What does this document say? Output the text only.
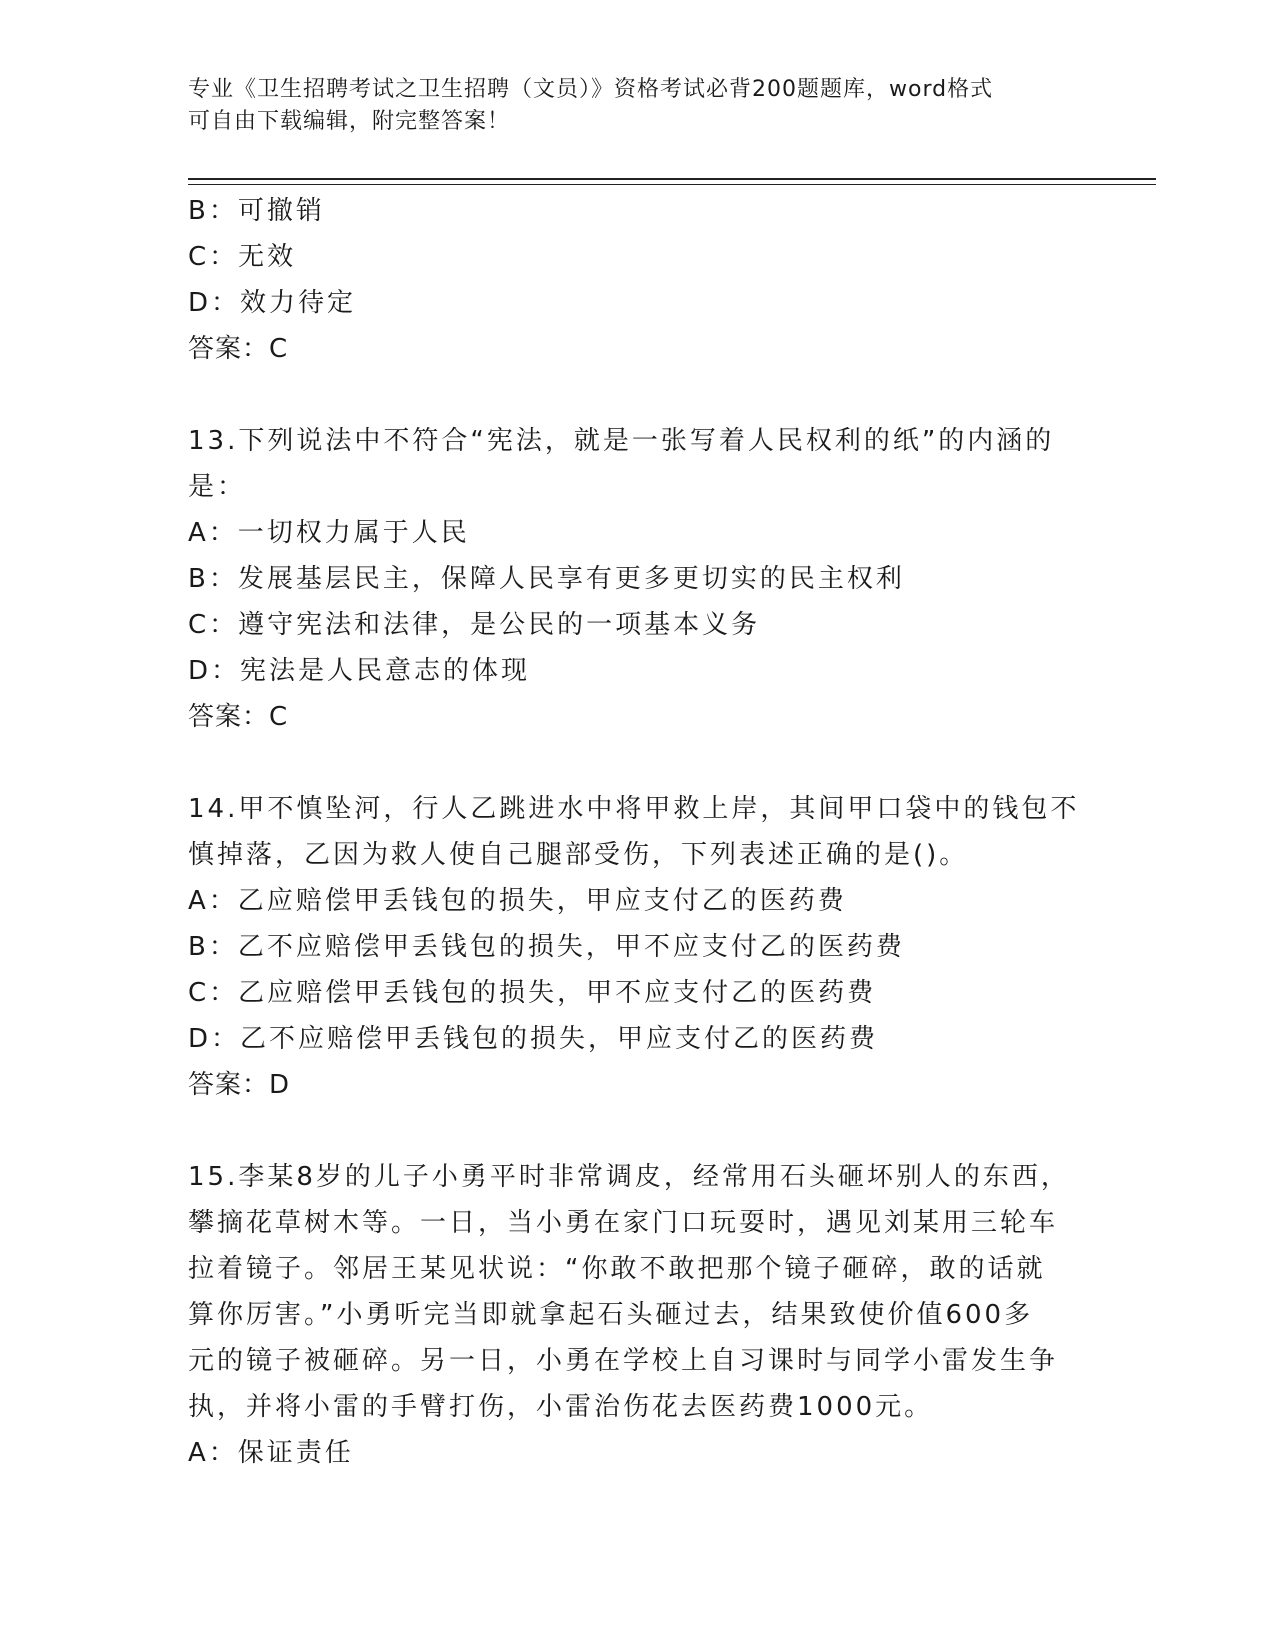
专业《卫生招聘考试之卫生招聘（文员）》资格考试必背200题题库，word格式
可自由下载编辑，附完整答案！
B：可撤销
C：无效
D：效力待定
答案：C
13.下列说法中不符合“宪法，就是一张写着人民权利的纸”的内涵的
是：
A：一切权力属于人民
B：发展基层民主，保障人民享有更多更切实的民主权利
C：遵守宪法和法律，是公民的一项基本义务
D：宪法是人民意志的体现
答案：C
14.甲不慎坠河，行人乙跳进水中将甲救上岸，其间甲口袋中的钱包不
慎掉落，乙因为救人使自己腿部受伤，下列表述正确的是()。
A：乙应赔偿甲丢钱包的损失，甲应支付乙的医药费
B：乙不应赔偿甲丢钱包的损失，甲不应支付乙的医药费
C：乙应赔偿甲丢钱包的损失，甲不应支付乙的医药费
D：乙不应赔偿甲丢钱包的损失，甲应支付乙的医药费
答案：D
15.李某8岁的儿子小勇平时非常调皮，经常用石头砸坏别人的东西，
攀摘花草树木等。一日，当小勇在家门口玩耍时，遇见刘某用三轮车
拉着镜子。邻居王某见状说：“你敢不敢把那个镜子砸碎，敢的话就
算你厉害。”小勇听完当即就拿起石头砸过去，结果致使价值600多
元的镜子被砸碎。另一日，小勇在学校上自习课时与同学小雷发生争
执，并将小雷的手臂打伤，小雷治伤花去医药费1000元。
A：保证责任
